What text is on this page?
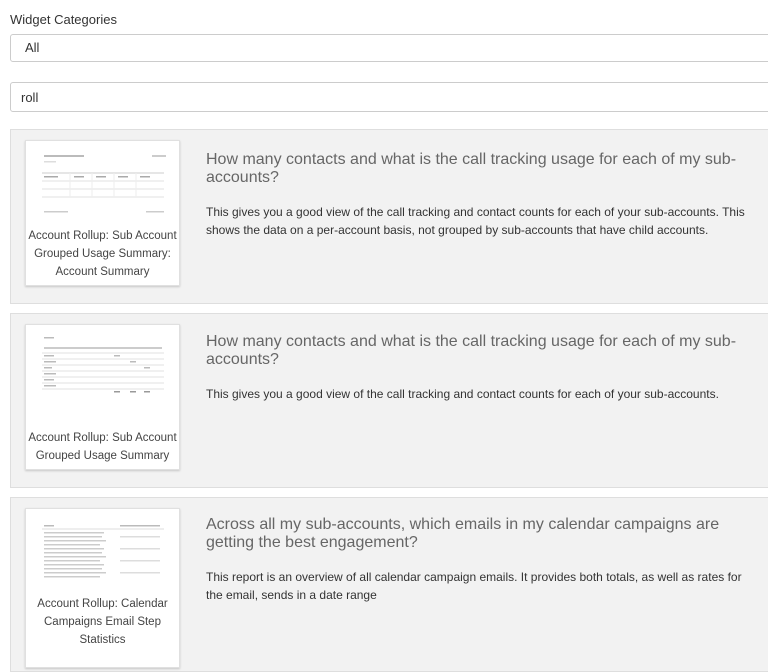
Widget Categories
All
roll
Account Rollup: Sub Account Grouped Usage Summary: Account Summary
How many contacts and what is the call tracking usage for each of my sub-accounts?
This gives you a good view of the call tracking and contact counts for each of your sub-accounts. This shows the data on a per-account basis, not grouped by sub-accounts that have child accounts.
Account Rollup: Sub Account Grouped Usage Summary
How many contacts and what is the call tracking usage for each of my sub-accounts?
This gives you a good view of the call tracking and contact counts for each of your sub-accounts.
Account Rollup: Calendar Campaigns Email Step Statistics
Across all my sub-accounts, which emails in my calendar campaigns are getting the best engagement?
This report is an overview of all calendar campaign emails. It provides both totals, as well as rates for the email, sends in a date range
